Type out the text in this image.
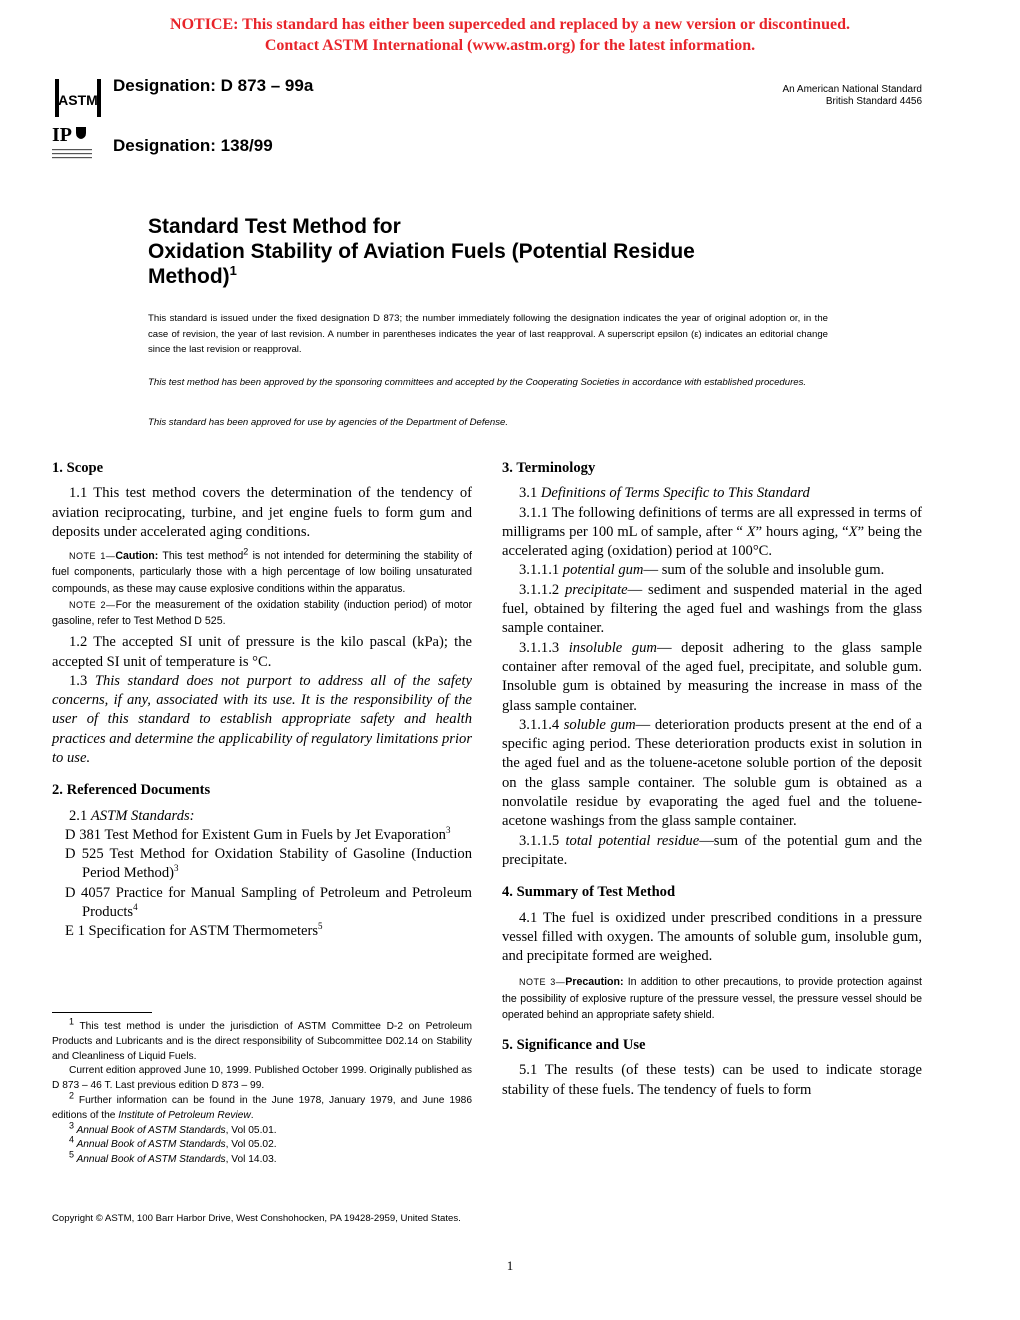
NOTICE: This standard has either been superceded and replaced by a new version or discontinued.
Contact ASTM International (www.astm.org) for the latest information.
ASTM
Designation: D 873 – 99a
IP	Designation: 138/99
An American National Standard
British Standard 4456
Standard Test Method for
Oxidation Stability of Aviation Fuels (Potential Residue
Method)$^1$
This standard is issued under the fixed designation D 873; the number immediately following the designation indicates the year of original adoption or, in the case of revision, the year of last revision. A number in parentheses indicates the year of last reapproval. A superscript epsilon (ε) indicates an editorial change since the last revision or reapproval.
This test method has been approved by the sponsoring committees and accepted by the Cooperating Societies in accordance with established procedures.
This standard has been approved for use by agencies of the Department of Defense.

1. Scope

1.1 This test method covers the determination of the tendency of aviation reciprocating, turbine, and jet engine fuels to form gum and deposits under accelerated aging conditions.

NOTE 1—Caution: This test method$^2$ is not intended for determining the stability of fuel components, particularly those with a high percentage of low boiling unsaturated compounds, as these may cause explosive conditions within the apparatus.

NOTE 2—For the measurement of the oxidation stability (induction period) of motor gasoline, refer to Test Method D 525.

1.2 The accepted SI unit of pressure is the kilo pascal (kPa); the accepted SI unit of temperature is °C.

1.3 This standard does not purport to address all of the safety concerns, if any, associated with its use. It is the responsibility of the user of this standard to establish appropriate safety and health practices and determine the applicability of regulatory limitations prior to use.

2. Referenced Documents

2.1 ASTM Standards:

D 381 Test Method for Existent Gum in Fuels by Jet Evaporation$^3$

D 525 Test Method for Oxidation Stability of Gasoline (Induction Period Method)$^3$

D 4057 Practice for Manual Sampling of Petroleum and Petroleum Products$^4$

E 1 Specification for ASTM Thermometers$^5$

$^1$ This test method is under the jurisdiction of ASTM Committee D-2 on Petroleum Products and Lubricants and is the direct responsibility of Subcommittee D02.14 on Stability and Cleanliness of Liquid Fuels.

Current edition approved June 10, 1999. Published October 1999. Originally published as D 873 – 46 T. Last previous edition D 873 – 99.

$^2$ Further information can be found in the June 1978, January 1979, and June 1986 editions of the Institute of Petroleum Review.

$^3$ Annual Book of ASTM Standards, Vol 05.01.

$^4$ Annual Book of ASTM Standards, Vol 05.02.

$^5$ Annual Book of ASTM Standards, Vol 14.03.

3. Terminology

3.1 Definitions of Terms Specific to This Standard

3.1.1 The following definitions of terms are all expressed in terms of milligrams per 100 mL of sample, after “ X” hours aging, “X” being the accelerated aging (oxidation) period at 100°C.

3.1.1.1 potential gum— sum of the soluble and insoluble gum.

3.1.1.2 precipitate— sediment and suspended material in the aged fuel, obtained by filtering the aged fuel and washings from the glass sample container.

3.1.1.3 insoluble gum— deposit adhering to the glass sample container after removal of the aged fuel, precipitate, and soluble gum. Insoluble gum is obtained by measuring the increase in mass of the glass sample container.

3.1.1.4 soluble gum— deterioration products present at the end of a specific aging period. These deterioration products exist in solution in the aged fuel and as the toluene-acetone soluble portion of the deposit on the glass sample container. The soluble gum is obtained as a nonvolatile residue by evaporating the aged fuel and the toluene-acetone washings from the glass sample container.

3.1.1.5 total potential residue—sum of the potential gum and the precipitate.

4. Summary of Test Method

4.1 The fuel is oxidized under prescribed conditions in a pressure vessel filled with oxygen. The amounts of soluble gum, insoluble gum, and precipitate formed are weighed.

NOTE 3—Precaution: In addition to other precautions, to provide protection against the possibility of explosive rupture of the pressure vessel, the pressure vessel should be operated behind an appropriate safety shield.

5. Significance and Use

5.1 The results (of these tests) can be used to indicate storage stability of these fuels. The tendency of fuels to form

Copyright © ASTM, 100 Barr Harbor Drive, West Conshohocken, PA 19428-2959, United States.
1
